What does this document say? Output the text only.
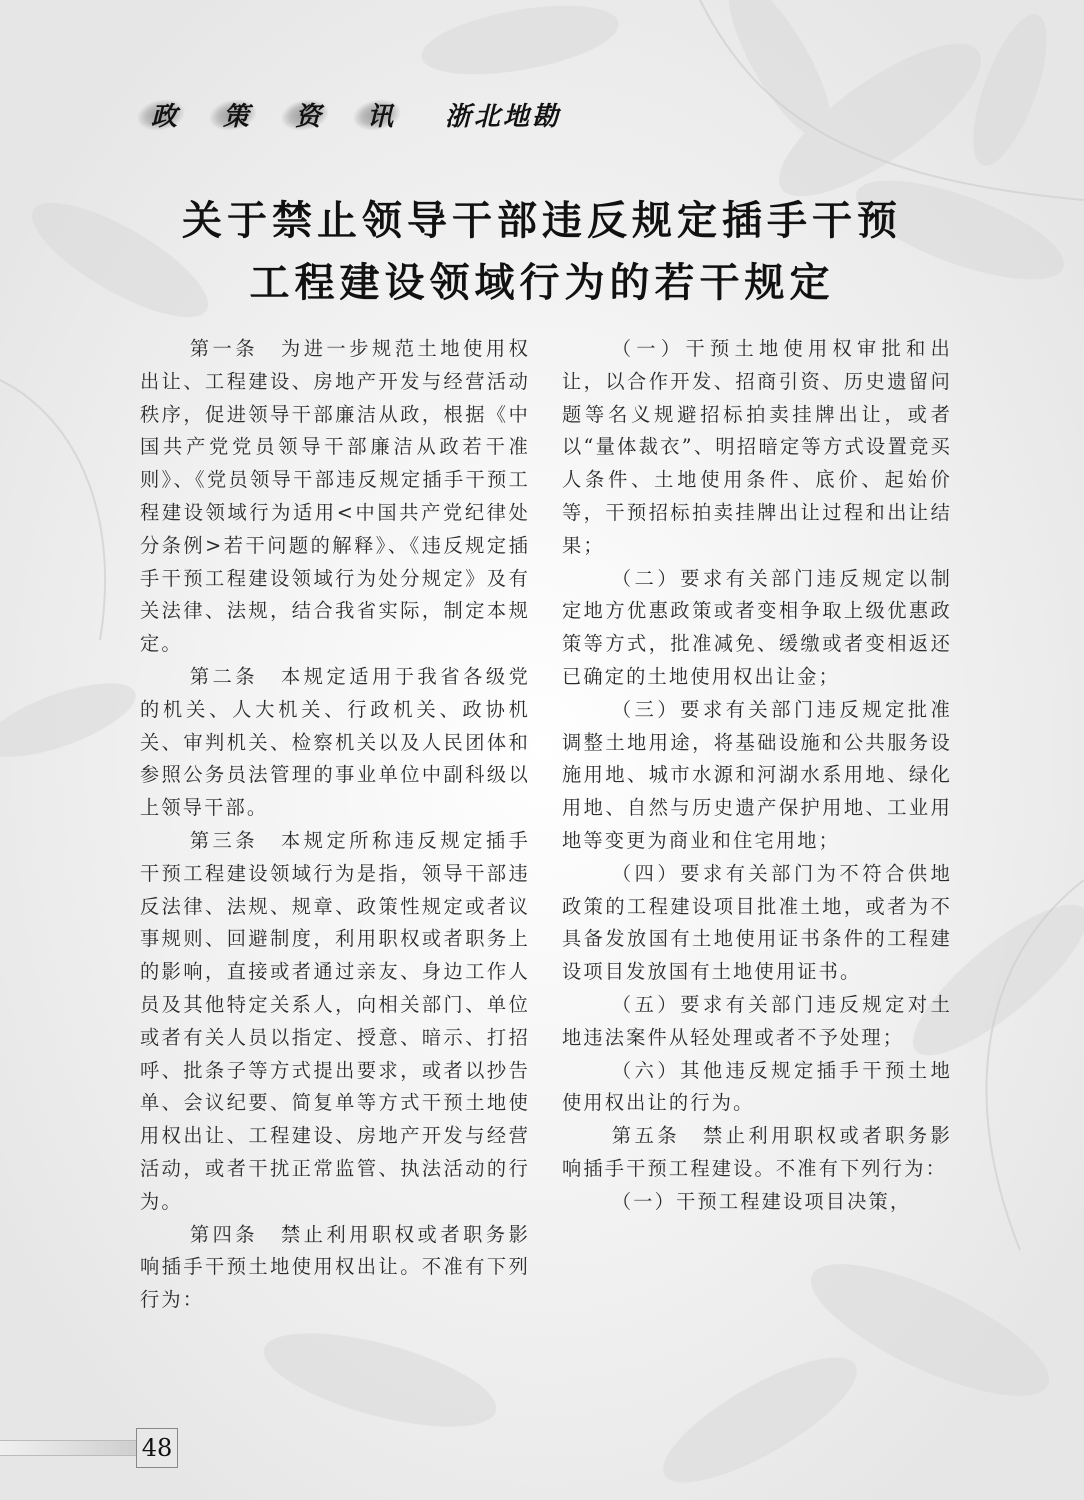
政 策 资 讯 浙北地勘
关于禁止领导干部违反规定插手干预
工程建设领域行为的若干规定

第一条　为进一步规范土地使用权出让、工程建设、房地产开发与经营活动秩序，促进领导干部廉洁从政，根据《中国共产党党员领导干部廉洁从政若干准则》、《党员领导干部违反规定插手干预工程建设领域行为适用<中国共产党纪律处分条例>若干问题的解释》、《违反规定插手干预工程建设领域行为处分规定》及有关法律、法规，结合我省实际，制定本规定。

第二条　本规定适用于我省各级党的机关、人大机关、行政机关、政协机关、审判机关、检察机关以及人民团体和参照公务员法管理的事业单位中副科级以上领导干部。

第三条　本规定所称违反规定插手干预工程建设领域行为是指，领导干部违反法律、法规、规章、政策性规定或者议事规则、回避制度，利用职权或者职务上的影响，直接或者通过亲友、身边工作人员及其他特定关系人，向相关部门、单位或者有关人员以指定、授意、暗示、打招呼、批条子等方式提出要求，或者以抄告单、会议纪要、简复单等方式干预土地使用权出让、工程建设、房地产开发与经营活动，或者干扰正常监管、执法活动的行为。

第四条　禁止利用职权或者职务影响插手干预土地使用权出让。不准有下列行为：

（一）干预土地使用权审批和出让，以合作开发、招商引资、历史遗留问题等名义规避招标拍卖挂牌出让，或者以“量体裁衣”、明招暗定等方式设置竞买人条件、土地使用条件、底价、起始价等，干预招标拍卖挂牌出让过程和出让结果；

（二）要求有关部门违反规定以制定地方优惠政策或者变相争取上级优惠政策等方式，批准减免、缓缴或者变相返还已确定的土地使用权出让金；

（三）要求有关部门违反规定批准调整土地用途，将基础设施和公共服务设施用地、城市水源和河湖水系用地、绿化用地、自然与历史遗产保护用地、工业用地等变更为商业和住宅用地；

（四）要求有关部门为不符合供地政策的工程建设项目批准土地，或者为不具备发放国有土地使用证书条件的工程建设项目发放国有土地使用证书。

（五）要求有关部门违反规定对土地违法案件从轻处理或者不予处理；

（六）其他违反规定插手干预土地使用权出让的行为。

第五条　禁止利用职权或者职务影响插手干预工程建设。不准有下列行为：

（一）干预工程建设项目决策，

48
